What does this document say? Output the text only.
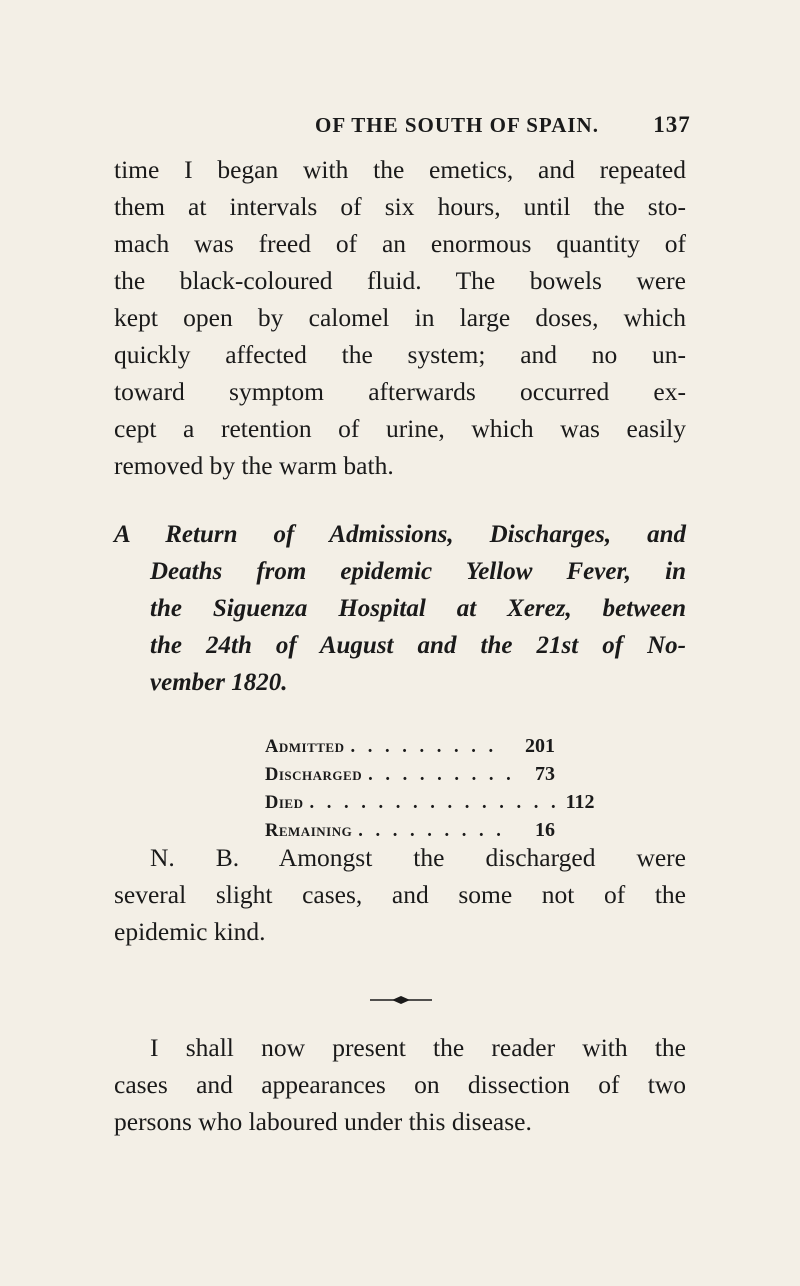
OF THE SOUTH OF SPAIN. 137
time I began with the emetics, and repeated
them at intervals of six hours, until the sto-
mach was freed of an enormous quantity of
the black-coloured fluid. The bowels were
kept open by calomel in large doses, which
quickly affected the system; and no un-
toward symptom afterwards occurred ex-
cept a retention of urine, which was easily
removed by the warm bath.
A Return of Admissions, Discharges, and
Deaths from epidemic Yellow Fever, in
the Siguenza Hospital at Xerez, between
the 24th of August and the 21st of No-
vember 1820.
Admitted . . . . . . . . .	201
Discharged . . . . . . . . .	73
Died . . . . . . . . . . . . . . . 112
Remaining . . . . . . . . .	16
N. B. Amongst the discharged were
several slight cases, and some not of the
epidemic kind.
I shall now present the reader with the
cases and appearances on dissection of two
persons who laboured under this disease.
